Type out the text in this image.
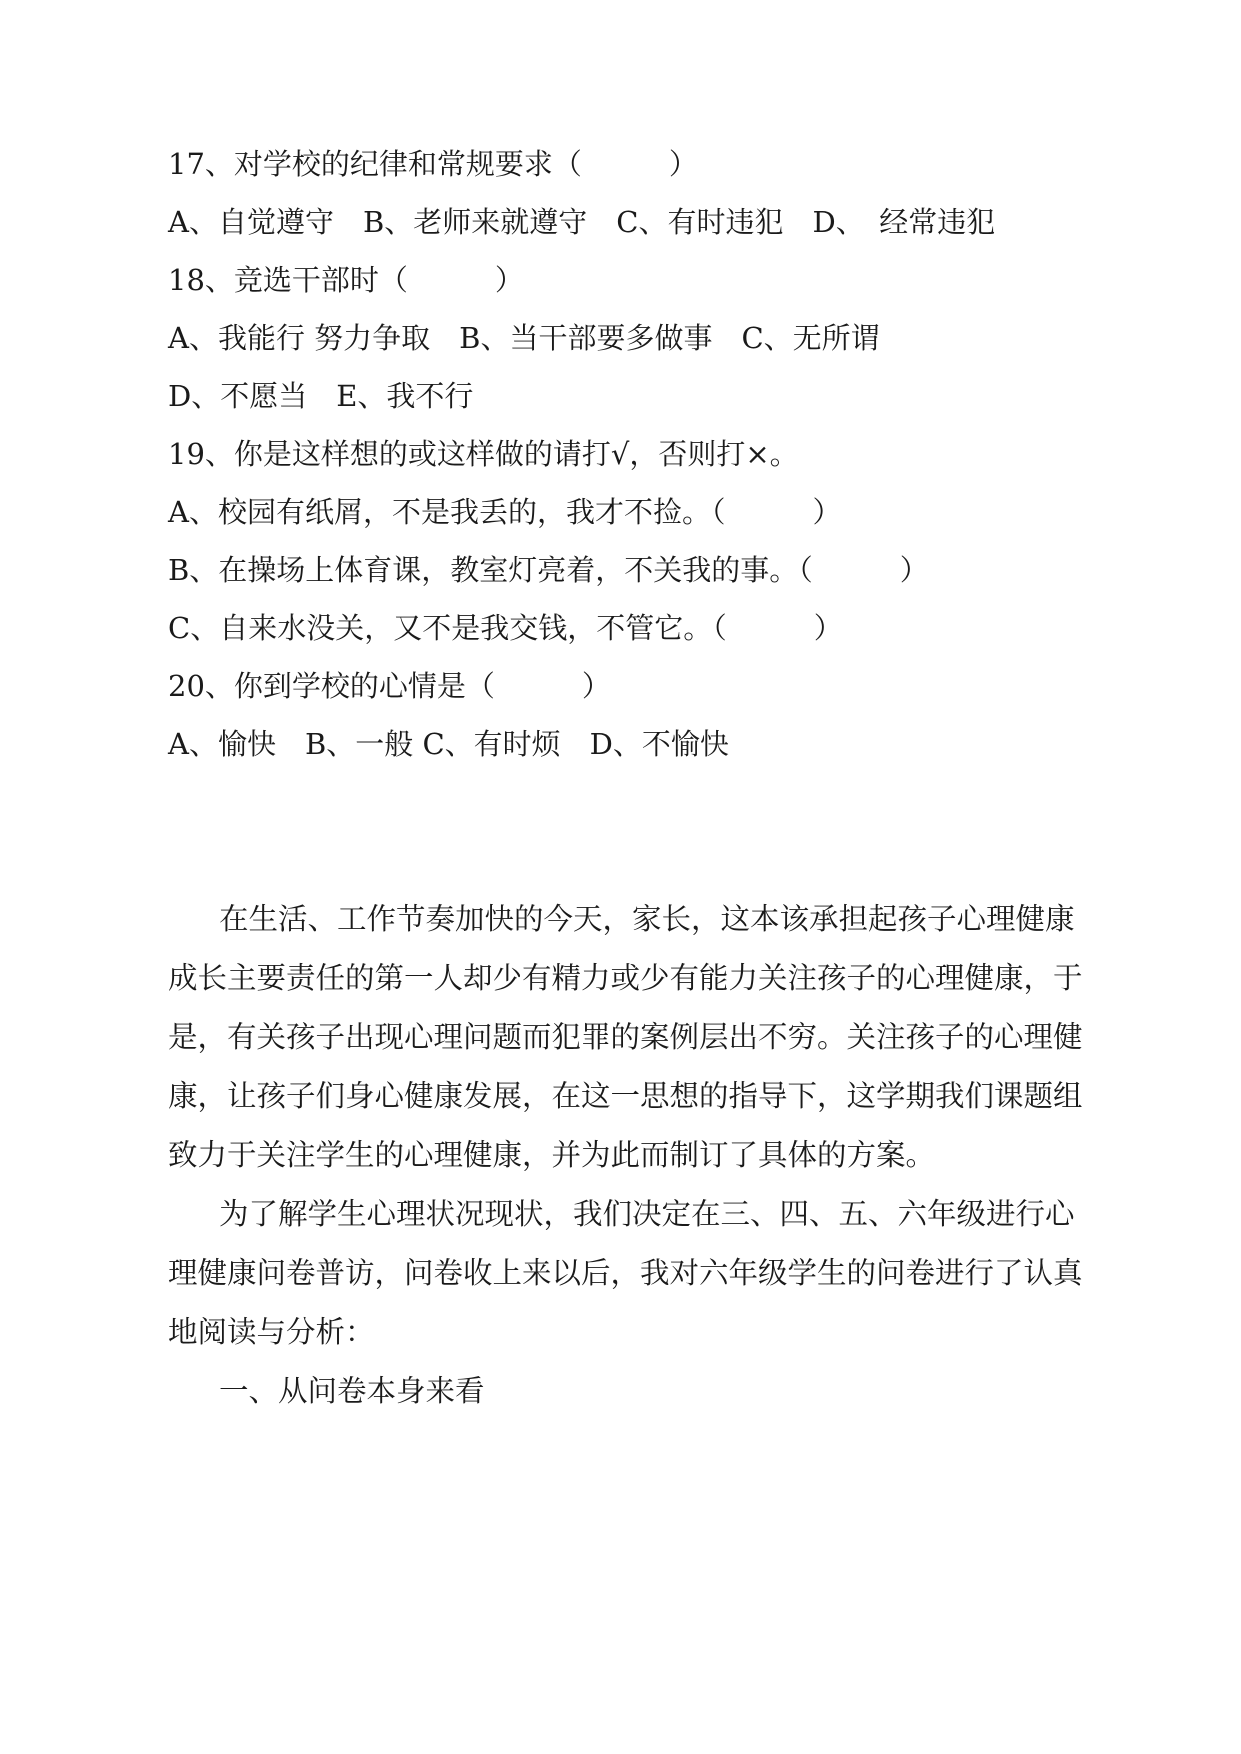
17、对学校的纪律和常规要求（　　　）
A、自觉遵守　B、老师来就遵守　C、有时违犯　D、　经常违犯
18、竞选干部时（　　　）
A、我能行 努力争取　B、当干部要多做事　C、无所谓
D、不愿当　E、我不行
19、你是这样想的或这样做的请打√，否则打×。
A、校园有纸屑，不是我丢的，我才不捡。（　　　）
B、在操场上体育课，教室灯亮着，不关我的事。（　　　）
C、自来水没关，又不是我交钱，不管它。（　　　）
20、你到学校的心情是（　　　）
A、愉快　B、一般 C、有时烦　D、不愉快
在生活、工作节奏加快的今天，家长，这本该承担起孩子心理健康
成长主要责任的第一人却少有精力或少有能力关注孩子的心理健康，于
是，有关孩子出现心理问题而犯罪的案例层出不穷。关注孩子的心理健
康，让孩子们身心健康发展，在这一思想的指导下，这学期我们课题组
致力于关注学生的心理健康，并为此而制订了具体的方案。
为了解学生心理状况现状，我们决定在三、四、五、六年级进行心
理健康问卷普访，问卷收上来以后，我对六年级学生的问卷进行了认真
地阅读与分析：
一、从问卷本身来看
